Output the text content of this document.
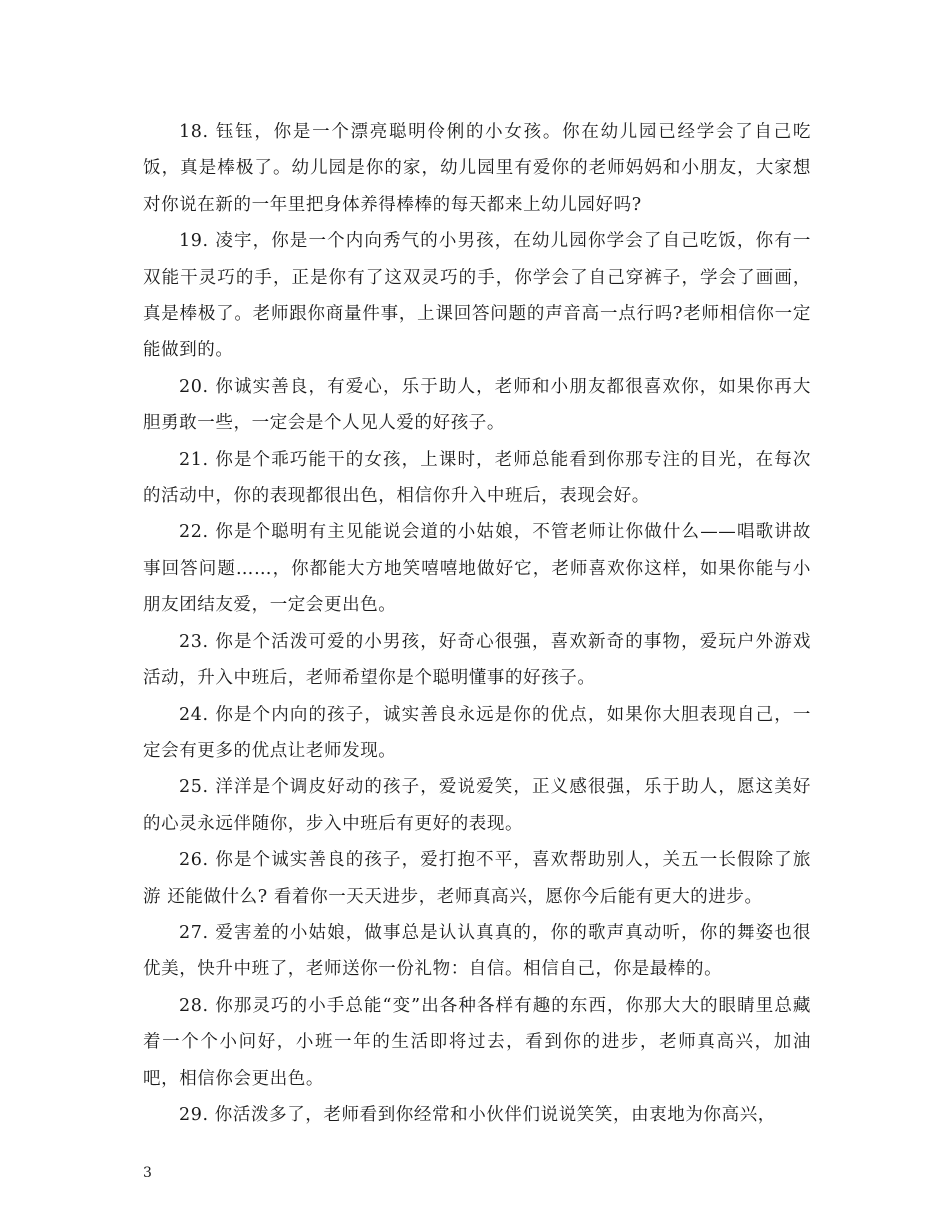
18. 钰钰，你是一个漂亮聪明伶俐的小女孩。你在幼儿园已经学会了自己吃饭，真是棒极了。幼儿园是你的家，幼儿园里有爱你的老师妈妈和小朋友，大家想对你说在新的一年里把身体养得棒棒的每天都来上幼儿园好吗?

19. 凌宇，你是一个内向秀气的小男孩，在幼儿园你学会了自己吃饭，你有一双能干灵巧的手，正是你有了这双灵巧的手，你学会了自己穿裤子，学会了画画，真是棒极了。老师跟你商量件事，上课回答问题的声音高一点行吗?老师相信你一定能做到的。

20. 你诚实善良，有爱心，乐于助人，老师和小朋友都很喜欢你，如果你再大胆勇敢一些，一定会是个人见人爱的好孩子。

21. 你是个乖巧能干的女孩，上课时，老师总能看到你那专注的目光，在每次的活动中，你的表现都很出色，相信你升入中班后，表现会好。

22. 你是个聪明有主见能说会道的小姑娘，不管老师让你做什么——唱歌讲故事回答问题……，你都能大方地笑嘻嘻地做好它，老师喜欢你这样，如果你能与小朋友团结友爱，一定会更出色。

23. 你是个活泼可爱的小男孩，好奇心很强，喜欢新奇的事物，爱玩户外游戏活动，升入中班后，老师希望你是个聪明懂事的好孩子。

24. 你是个内向的孩子，诚实善良永远是你的优点，如果你大胆表现自己，一定会有更多的优点让老师发现。

25. 洋洋是个调皮好动的孩子，爱说爱笑，正义感很强，乐于助人，愿这美好的心灵永远伴随你，步入中班后有更好的表现。

26. 你是个诚实善良的孩子，爱打抱不平，喜欢帮助别人，关五一长假除了旅游 还能做什么? 看着你一天天进步，老师真高兴，愿你今后能有更大的进步。

27. 爱害羞的小姑娘，做事总是认认真真的，你的歌声真动听，你的舞姿也很优美，快升中班了，老师送你一份礼物：自信。相信自己，你是最棒的。

28. 你那灵巧的小手总能“变”出各种各样有趣的东西，你那大大的眼睛里总藏着一个个小问好，小班一年的生活即将过去，看到你的进步，老师真高兴，加油吧，相信你会更出色。

29. 你活泼多了，老师看到你经常和小伙伴们说说笑笑，由衷地为你高兴，

3
